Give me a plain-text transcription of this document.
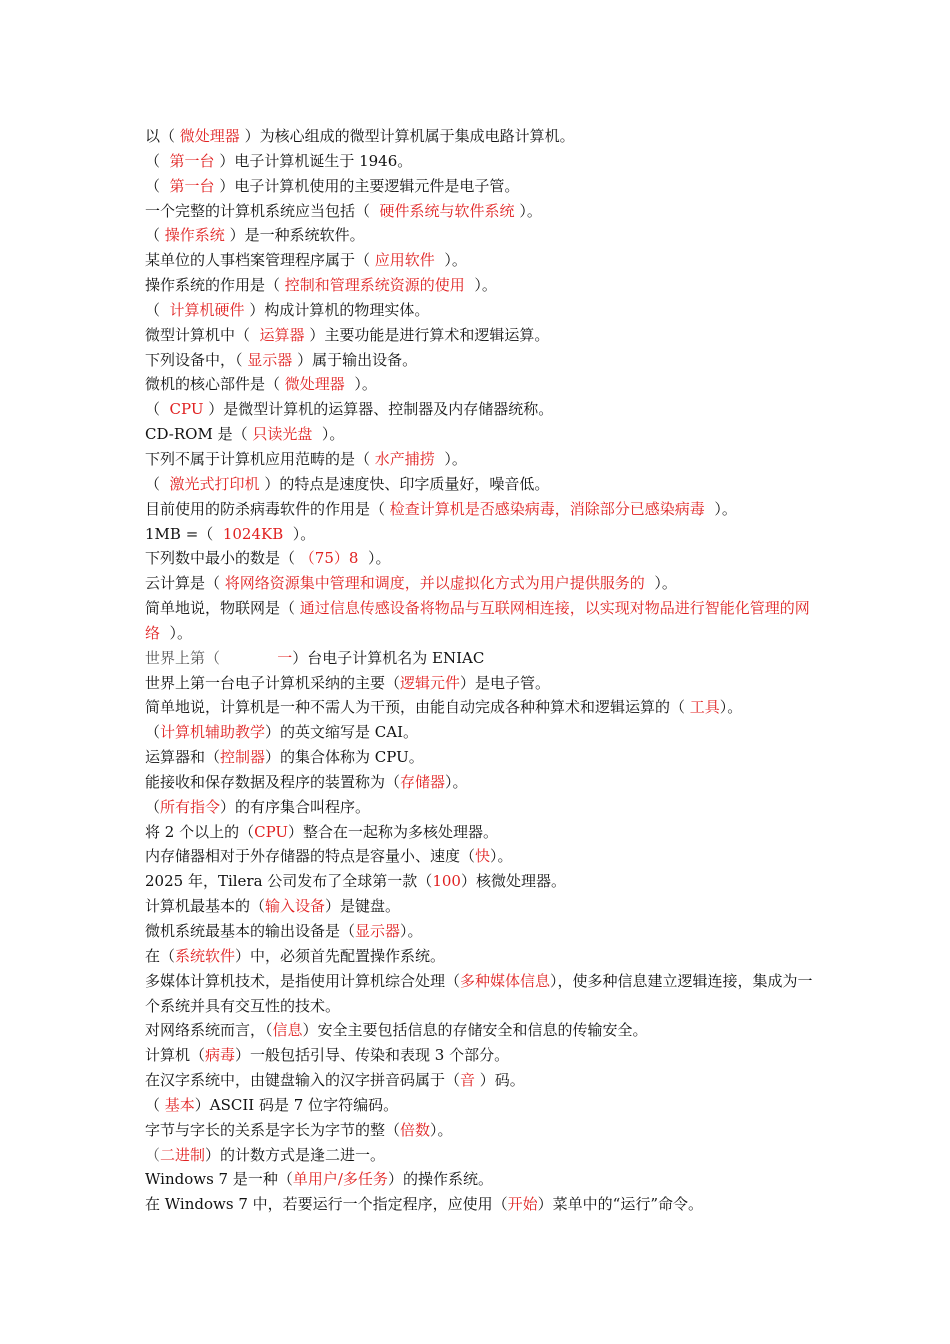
以（ 微处理器 ）为核心组成的微型计算机属于集成电路计算机。
（  第一台 ）电子计算机诞生于 1946。
（  第一台 ）电子计算机使用的主要逻辑元件是电子管。
一个完整的计算机系统应当包括（  硬件系统与软件系统 ）。
（ 操作系统 ）是一种系统软件。
某单位的人事档案管理程序属于（ 应用软件  ）。
操作系统的作用是（ 控制和管理系统资源的使用  ）。
（  计算机硬件 ）构成计算机的物理实体。
微型计算机中（  运算器 ）主要功能是进行算术和逻辑运算。
下列设备中，（ 显示器 ）属于输出设备。
微机的核心部件是（ 微处理器  ）。
（  CPU ）是微型计算机的运算器、控制器及内存储器统称。
CD-ROM 是（ 只读光盘  ）。
下列不属于计算机应用范畴的是（ 水产捕捞  ）。
（  激光式打印机 ）的特点是速度快、印字质量好，噪音低。
目前使用的防杀病毒软件的作用是（ 检查计算机是否感染病毒，消除部分已感染病毒  ）。
1MB =（  1024KB  ）。
下列数中最小的数是（ （75）8  ）。
云计算是（ 将网络资源集中管理和调度，并以虚拟化方式为用户提供服务的  ）。
简单地说，物联网是（ 通过信息传感设备将物品与互联网相连接，以实现对物品进行智能化管理的网络  ）。
世界上第（            一）台电子计算机名为 ENIAC
世界上第一台电子计算机采纳的主要（逻辑元件）是电子管。
简单地说，计算机是一种不需人为干预，由能自动完成各种种算术和逻辑运算的（ 工具）。
（计算机辅助教学）的英文缩写是 CAI。
运算器和（控制器）的集合体称为 CPU。
能接收和保存数据及程序的装置称为（存储器）。
（所有指令）的有序集合叫程序。
将 2 个以上的（CPU）整合在一起称为多核处理器。
内存储器相对于外存储器的特点是容量小、速度（快）。
2025 年，Tilera 公司发布了全球第一款（100）核微处理器。
计算机最基本的（输入设备）是键盘。
微机系统最基本的输出设备是（显示器）。
在（系统软件）中，必须首先配置操作系统。
多媒体计算机技术，是指使用计算机综合处理（多种媒体信息），使多种信息建立逻辑连接，集成为一个系统并具有交互性的技术。
对网络系统而言，（信息）安全主要包括信息的存储安全和信息的传输安全。
计算机（病毒）一般包括引导、传染和表现 3 个部分。
在汉字系统中，由键盘输入的汉字拼音码属于（音 ）码。
（ 基本）ASCII 码是 7 位字符编码。
字节与字长的关系是字长为字节的整（倍数）。
（二进制）的计数方式是逢二进一。
Windows 7 是一种（单用户/多任务）的操作系统。
在 Windows 7 中，若要运行一个指定程序，应使用（开始）菜单中的“运行”命令。
